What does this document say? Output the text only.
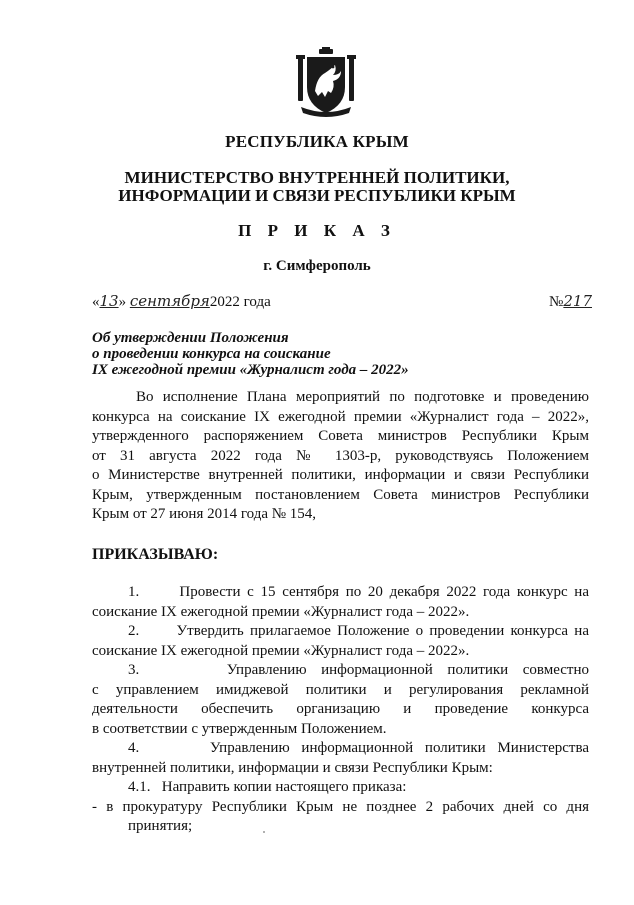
РЕСПУБЛИКА КРЫМ
МИНИСТЕРСТВО ВНУТРЕННЕЙ ПОЛИТИКИ,
ИНФОРМАЦИИ И СВЯЗИ РЕСПУБЛИКИ КРЫМ
П Р И К А З
г. Симферополь
«13» сентября2022 года	№217
Об утверждении Положения
о проведении конкурса на соискание
IX ежегодной премии «Журналист года – 2022»
Во исполнение Плана мероприятий по подготовке и проведению
конкурса на соискание IX ежегодной премии «Журналист года – 2022»,
утвержденного распоряжением Совета министров Республики Крым
от 31 августа 2022 года № 1303-р, руководствуясь Положением
о Министерстве внутренней политики, информации и связи Республики
Крым, утвержденным постановлением Совета министров Республики
Крым от 27 июня 2014 года № 154,
ПРИКАЗЫВАЮ:
1.      Провести с 15 сентября по 20 декабря 2022 года конкурс на
соискание IX ежегодной премии «Журналист года – 2022».
2.      Утвердить прилагаемое Положение о проведении конкурса на
соискание IX ежегодной премии «Журналист года – 2022».
3.      Управлению информационной политики совместно
с управлением имиджевой политики и регулирования рекламной
деятельности обеспечить организацию и проведение конкурса
в соответствии с утвержденным Положением.
4.      Управлению информационной политики Министерства
внутренней политики, информации и связи Республики Крым:
4.1.   Направить копии настоящего приказа:
- в прокуратуру Республики Крым не позднее 2 рабочих дней со дня
принятия;
